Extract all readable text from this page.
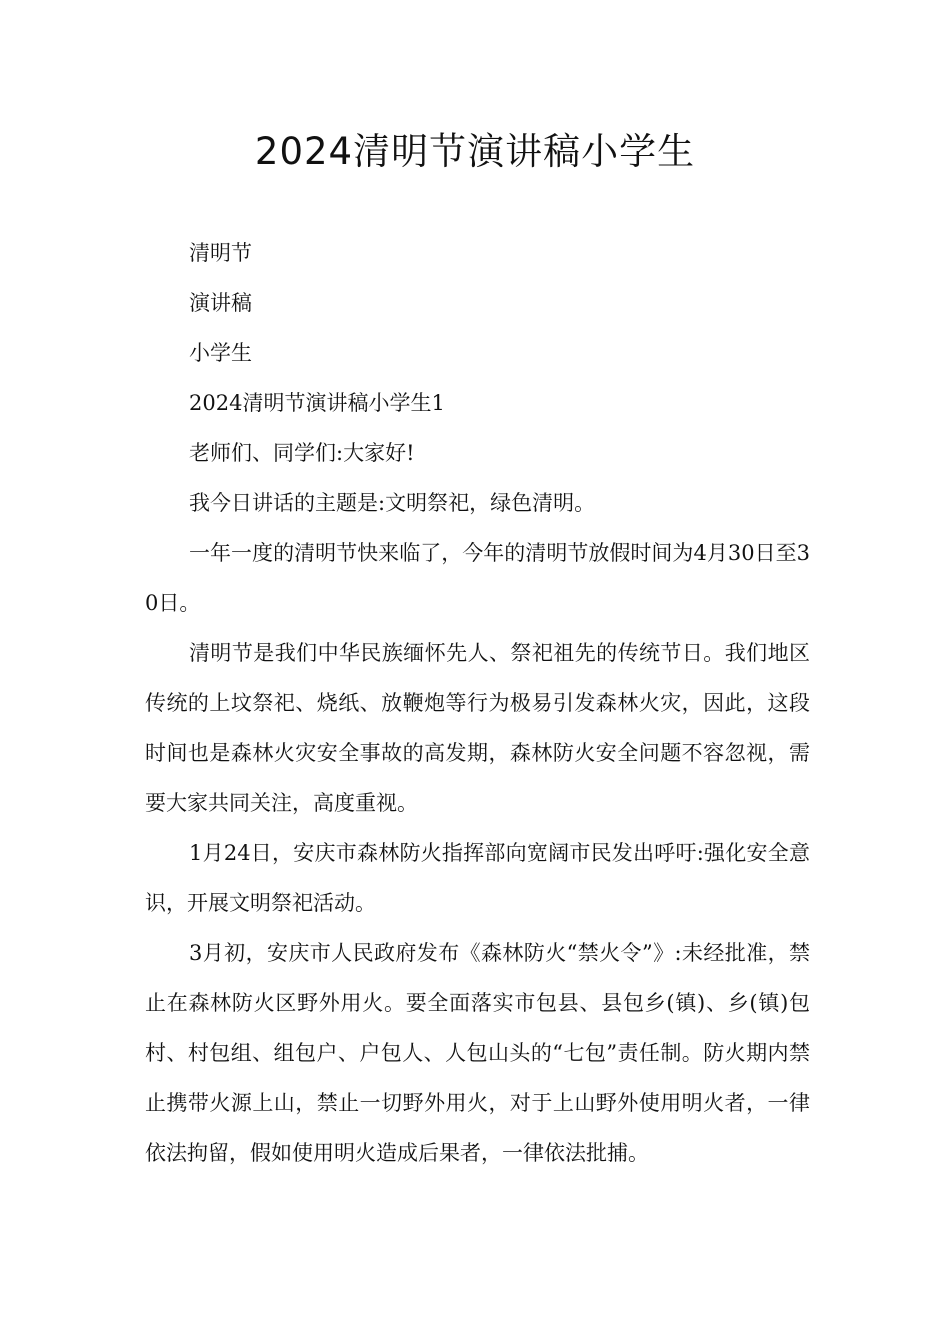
2024清明节演讲稿小学生

清明节

演讲稿

小学生

2024清明节演讲稿小学生1

老师们、同学们:大家好!

我今日讲话的主题是:文明祭祀，绿色清明。

一年一度的清明节快来临了，今年的清明节放假时间为4月30日至30日。

清明节是我们中华民族缅怀先人、祭祀祖先的传统节日。我们地区传统的上坟祭祀、烧纸、放鞭炮等行为极易引发森林火灾，因此，这段时间也是森林火灾安全事故的高发期，森林防火安全问题不容忽视，需要大家共同关注，高度重视。

1月24日，安庆市森林防火指挥部向宽阔市民发出呼吁:强化安全意识，开展文明祭祀活动。

3月初，安庆市人民政府发布《森林防火“禁火令”》:未经批准，禁止在森林防火区野外用火。要全面落实市包县、县包乡(镇)、乡(镇)包村、村包组、组包户、户包人、人包山头的“七包”责任制。防火期内禁止携带火源上山，禁止一切野外用火，对于上山野外使用明火者，一律依法拘留，假如使用明火造成后果者，一律依法批捕。
